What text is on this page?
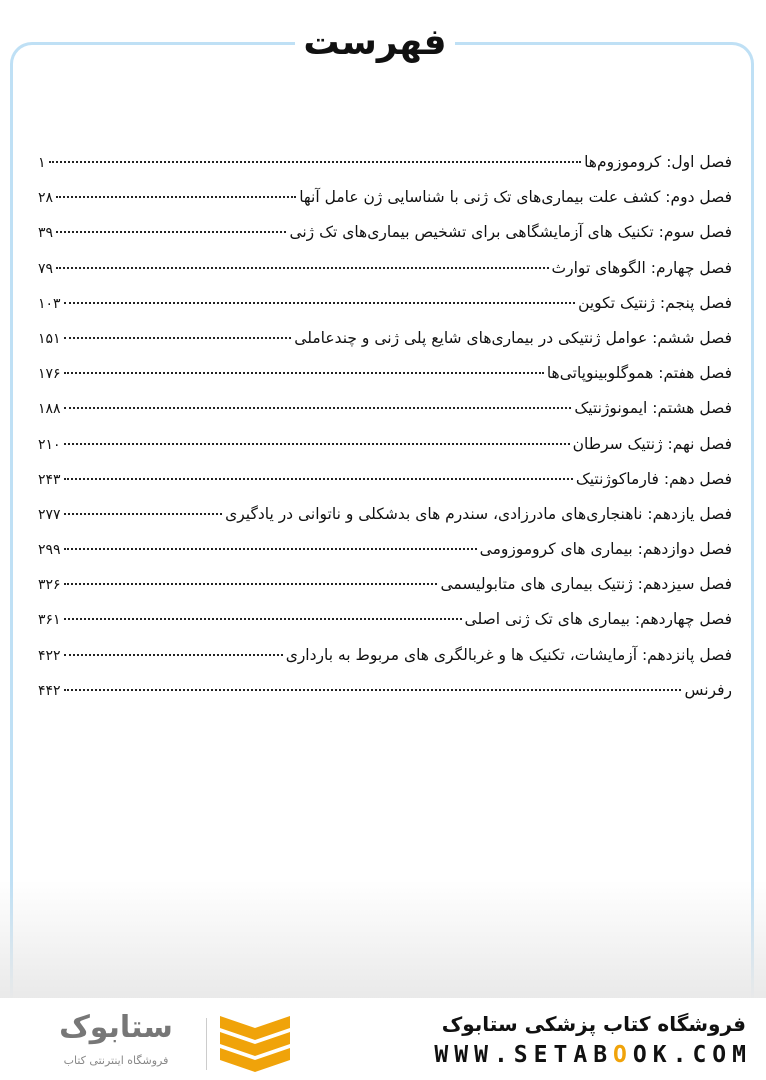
فهرست
فصل اول: کروموزوم‌ها
۱
فصل دوم: کشف علت بیماری‌های تک ژنی با شناسایی ژن عامل آنها
۲۸
فصل سوم: تکنیک های آزمایشگاهی برای تشخیص بیماری‌های تک ژنی
۳۹
فصل چهارم: الگوهای توارث
۷۹
فصل پنجم: ژنتیک تکوین
۱۰۳
فصل ششم: عوامل ژنتیکی در بیماری‌های شایع پلی ژنی و چندعاملی
۱۵۱
فصل هفتم: هموگلوبینوپاتی‌ها
۱۷۶
فصل هشتم: ایمونوژنتیک
۱۸۸
فصل نهم: ژنتیک سرطان
۲۱۰
فصل دهم: فارماکوژنتیک
۲۴۳
فصل یازدهم: ناهنجاری‌های مادرزادی، سندرم های بدشکلی و ناتوانی در یادگیری
۲۷۷
فصل دوازدهم: بیماری های کروموزومی
۲۹۹
فصل سیزدهم: ژنتیک بیماری های متابولیسمی
۳۲۶
فصل چهاردهم: بیماری های تک ژنی اصلی
۳۶۱
فصل پانزدهم: آزمایشات، تکنیک ها و غربالگری های مربوط به بارداری
۴۲۲
رفرنس
۴۴۲
فروشگاه کتاب پزشکی ستابوک
WWW.SETABOOK.COM
ستابوک
فروشگاه اینترنتی کتاب
